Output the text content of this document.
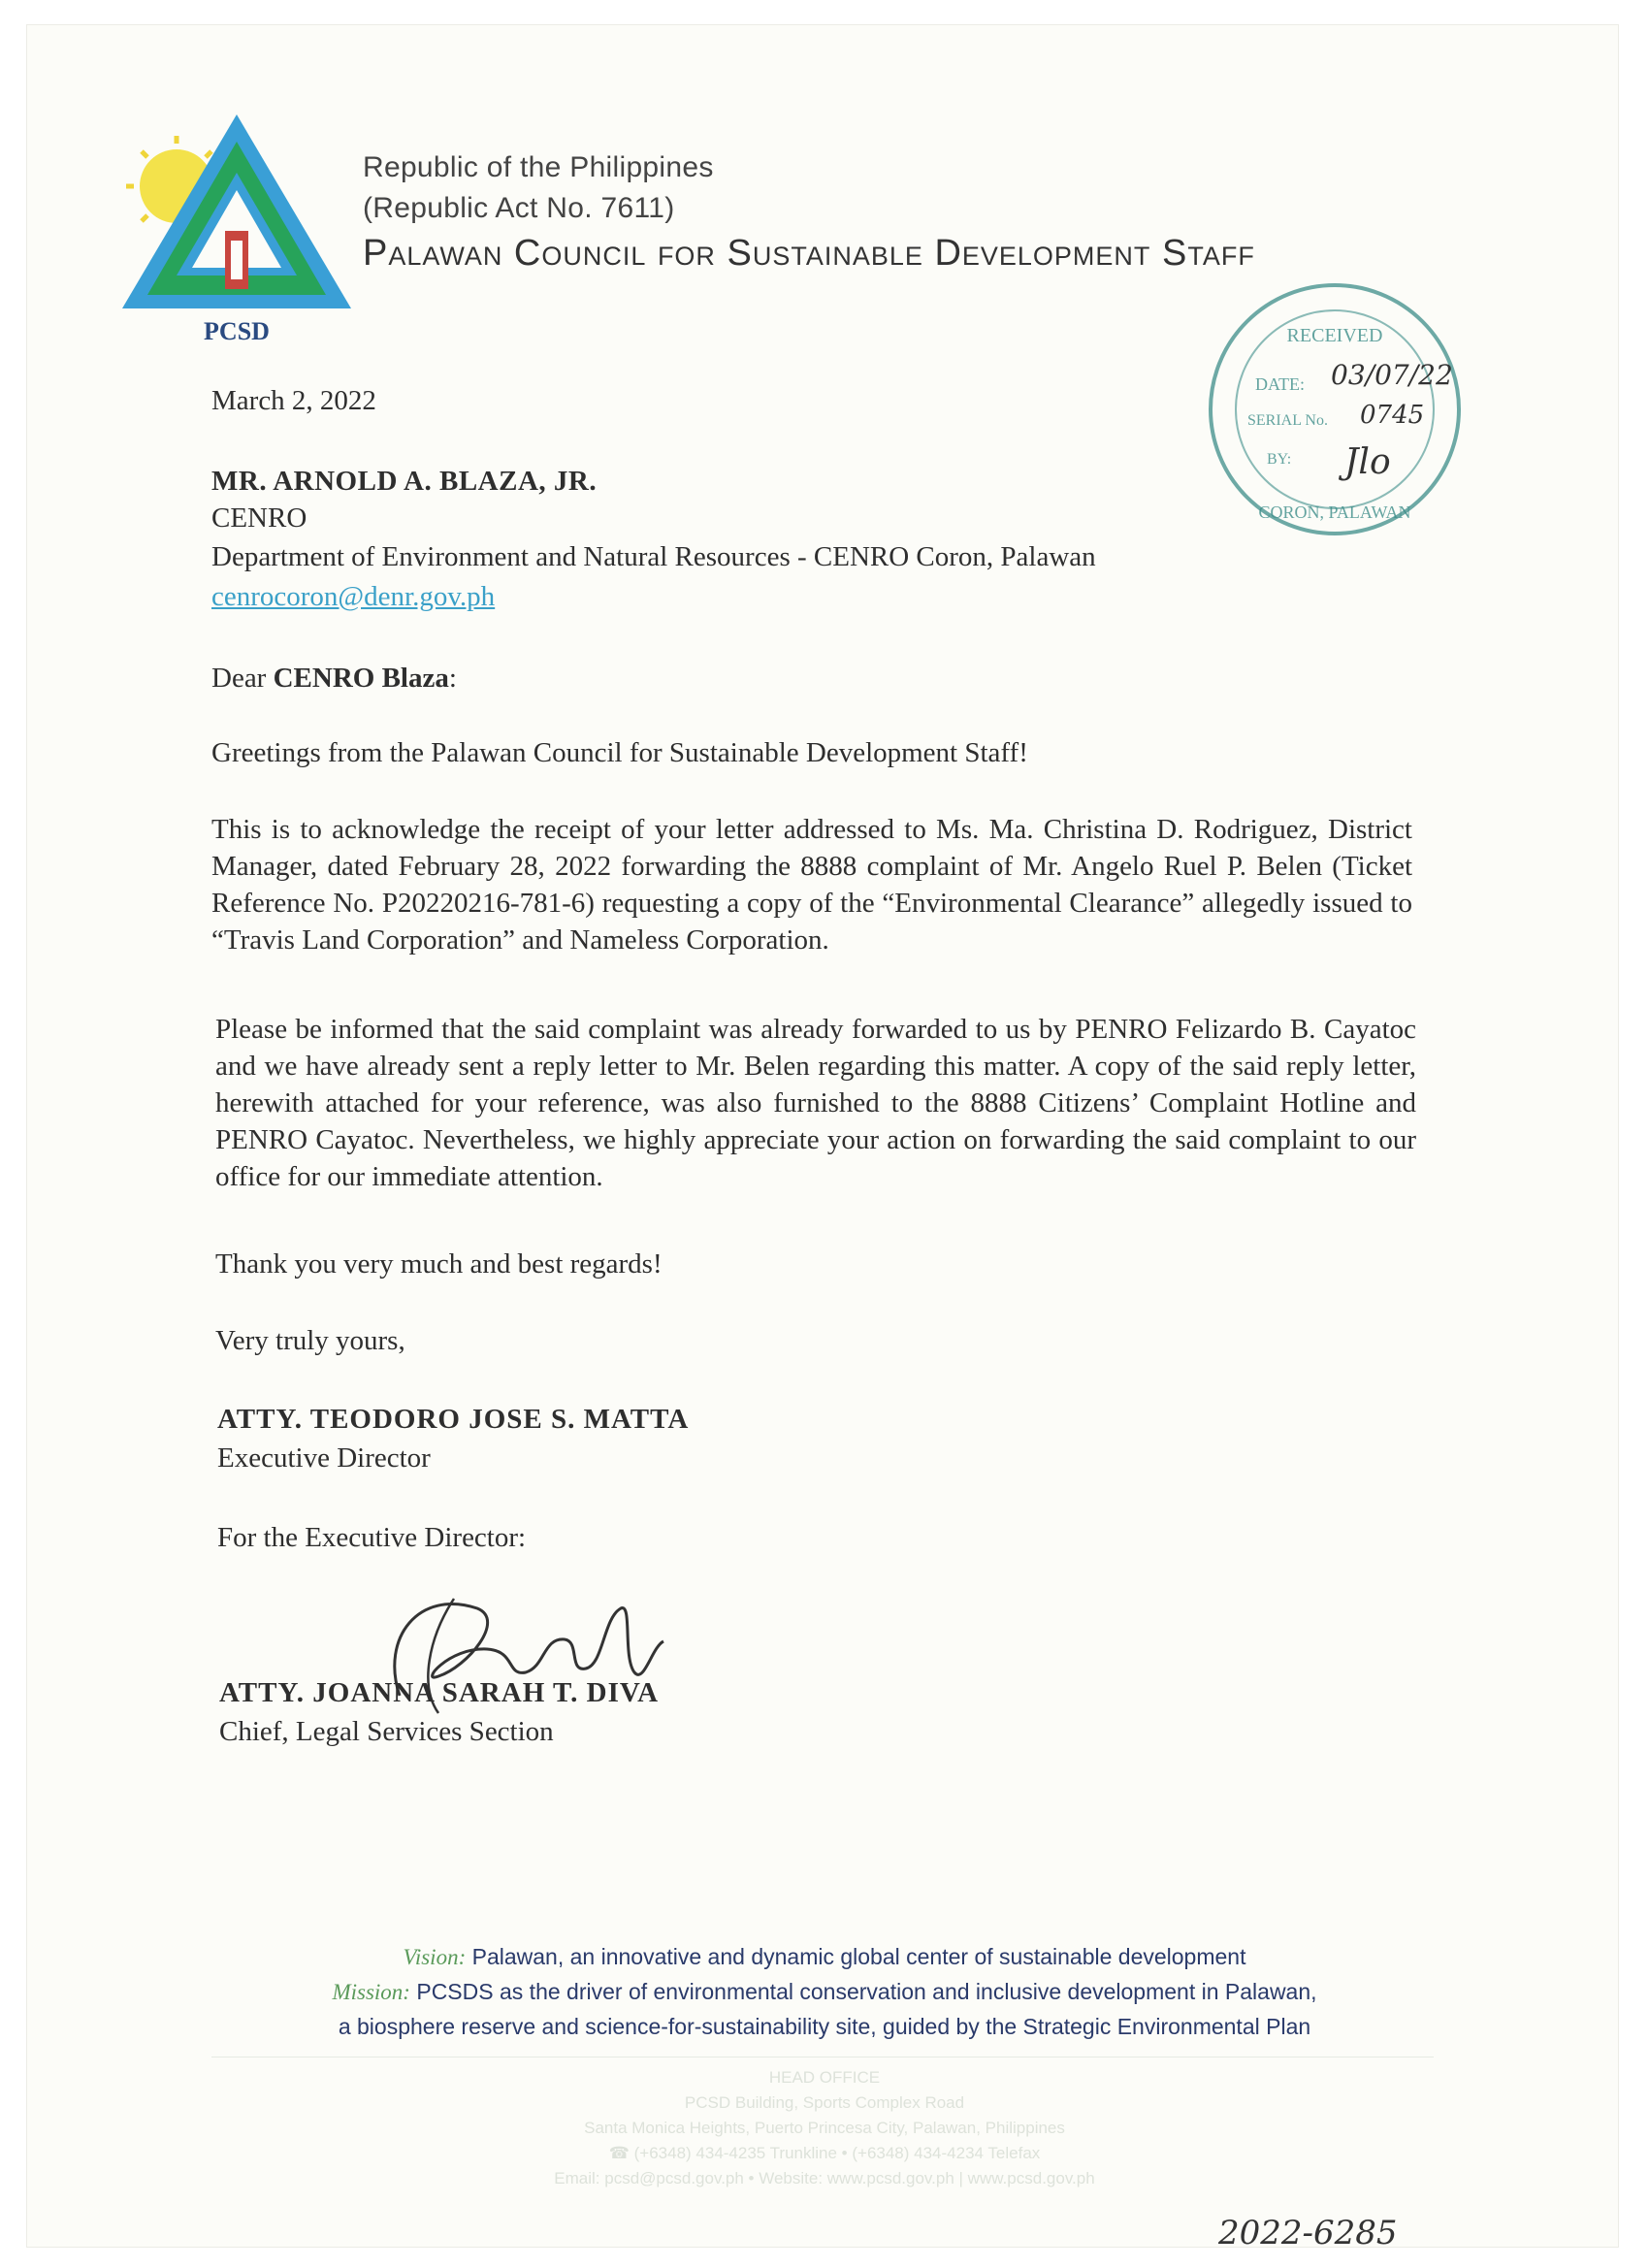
PCSD
Republic of the Philippines
(Republic Act No. 7611)
Palawan Council for Sustainable Development Staff
RECEIVED
DATE: 03/07/22
SERIAL No. 0745
BY: Jlo
CORON, PALAWAN
March 2, 2022
MR. ARNOLD A. BLAZA, JR.
CENRO
Department of Environment and Natural Resources - CENRO Coron, Palawan
cenrocoron@denr.gov.ph
Dear CENRO Blaza:
Greetings from the Palawan Council for Sustainable Development Staff!
This is to acknowledge the receipt of your letter addressed to Ms. Ma. Christina D. Rodriguez, District Manager, dated February 28, 2022 forwarding the 8888 complaint of Mr. Angelo Ruel P. Belen (Ticket Reference No. P20220216-781-6) requesting a copy of the “Environmental Clearance” allegedly issued to “Travis Land Corporation” and Nameless Corporation.
Please be informed that the said complaint was already forwarded to us by PENRO Felizardo B. Cayatoc and we have already sent a reply letter to Mr. Belen regarding this matter. A copy of the said reply letter, herewith attached for your reference, was also furnished to the 8888 Citizens’ Complaint Hotline and PENRO Cayatoc. Nevertheless, we highly appreciate your action on forwarding the said complaint to our office for our immediate attention.
Thank you very much and best regards!
Very truly yours,
ATTY. TEODORO JOSE S. MATTA
Executive Director
For the Executive Director:
ATTY. JOANNA SARAH T. DIVA
Chief, Legal Services Section
Vision: Palawan, an innovative and dynamic global center of sustainable development
Mission: PCSDS as the driver of environmental conservation and inclusive development in Palawan,
a biosphere reserve and science-for-sustainability site, guided by the Strategic Environmental Plan
HEAD OFFICE
PCSD Building, Sports Complex Road
Santa Monica Heights, Puerto Princesa City, Palawan, Philippines
☎ (+6348) 434-4235 Trunkline • (+6348) 434-4234 Telefax
Email: pcsd@pcsd.gov.ph • Website: www.pcsd.gov.ph | www.pcsd.gov.ph
2022-6285
